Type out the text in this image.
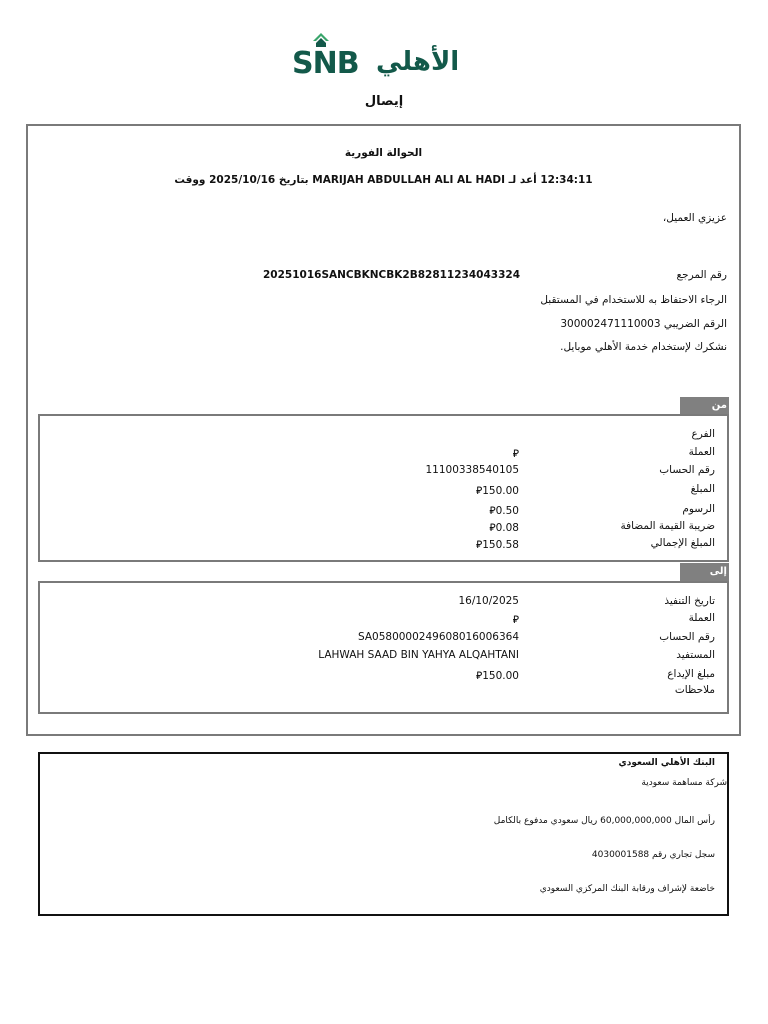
SNB الأهلي
إيصال
الحوالة الفورية
12:34:11 أعد لـ MARIJAH ABDULLAH ALI AL HADI بتاريخ 2025/10/16 ووقت
عزيزي العميل،
رقم المرجع
20251016SANCBKNCBK2B82811234043324
الرجاء الاحتفاظ به للاستخدام في المستقبل
الرقم الضريبي 300002471110003
نشكرك لإستخدام خدمة الأهلي موبايل.
من
الفرع
العملة
⃁
رقم الحساب
11100338540105
المبلغ
⃁150.00
الرسوم
⃁0.50
ضريبة القيمة المضافة
⃁0.08
المبلغ الإجمالي
⃁150.58
إلى
تاريخ التنفيذ
16/10/2025
العملة
⃁
رقم الحساب
SA0580000249608016006364
المستفيد
LAHWAH SAAD BIN YAHYA ALQAHTANI
مبلغ الإيداع
⃁150.00
ملاحظات
البنك الأهلي السعودي
شركة مساهمة سعودية
رأس المال 60,000,000,000 ريال سعودي مدفوع بالكامل
سجل تجاري رقم 4030001588
خاضعة لإشراف ورقابة البنك المركزي السعودي
